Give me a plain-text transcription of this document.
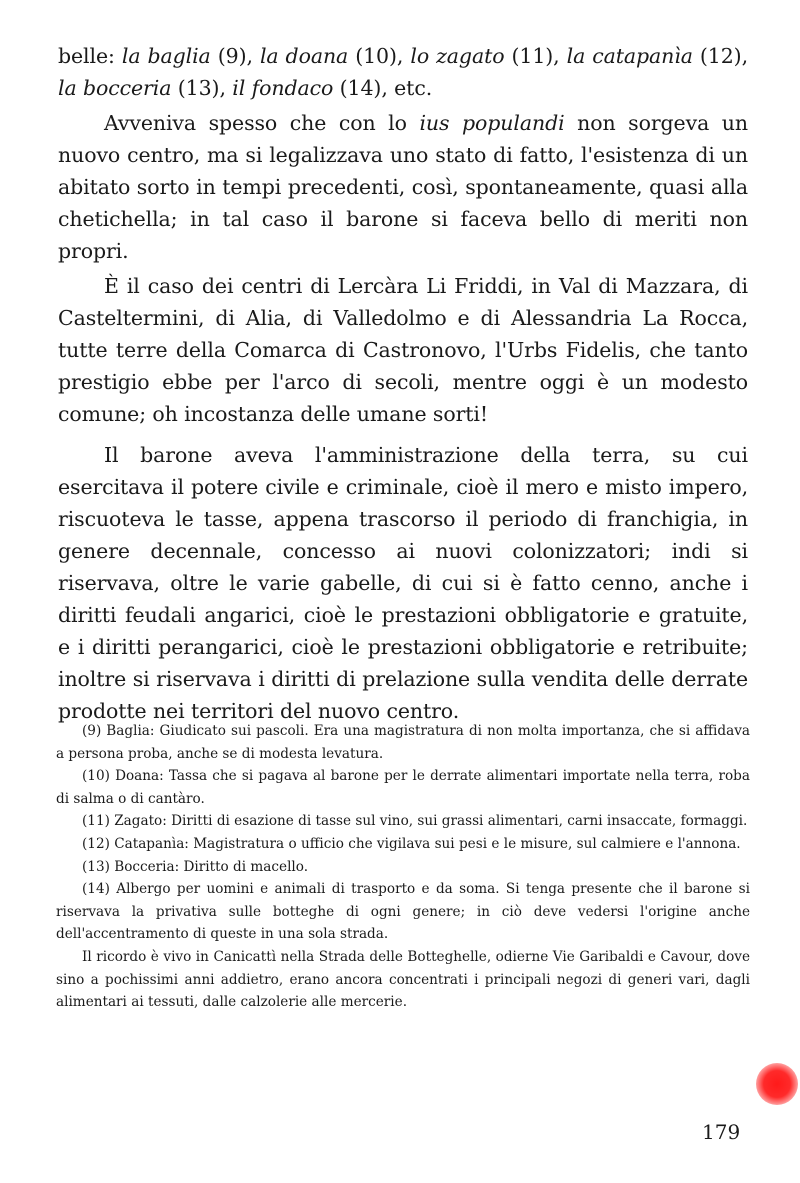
belle: la baglia (9), la doana (10), lo zagato (11), la catapanìa (12), la bocceria (13), il fondaco (14), etc.

Avveniva spesso che con lo ius populandi non sorgeva un nuovo centro, ma si legalizzava uno stato di fatto, l'esistenza di un abitato sorto in tempi precedenti, così, spontaneamente, quasi alla chetichella; in tal caso il barone si faceva bello di meriti non propri.

È il caso dei centri di Lercàra Li Friddi, in Val di Mazzara, di Casteltermini, di Alia, di Valledolmo e di Alessandria La Rocca, tutte terre della Comarca di Castronovo, l'Urbs Fidelis, che tanto prestigio ebbe per l'arco di secoli, mentre oggi è un modesto comune; oh incostanza delle umane sorti!

Il barone aveva l'amministrazione della terra, su cui esercitava il potere civile e criminale, cioè il mero e misto impero, riscuoteva le tasse, appena trascorso il periodo di franchigia, in genere decennale, concesso ai nuovi colonizzatori; indi si riservava, oltre le varie gabelle, di cui si è fatto cenno, anche i diritti feudali angarici, cioè le prestazioni obbligatorie e gratuite, e i diritti perangarici, cioè le prestazioni obbligatorie e retribuite; inoltre si riservava i diritti di prelazione sulla vendita delle derrate prodotte nei territori del nuovo centro.

(9) Baglia: Giudicato sui pascoli. Era una magistratura di non molta importanza, che si affidava a persona proba, anche se di modesta levatura.

(10) Doana: Tassa che si pagava al barone per le derrate alimentari importate nella terra, roba di salma o di cantàro.

(11) Zagato: Diritti di esazione di tasse sul vino, sui grassi alimentari, carni insaccate, formaggi.

(12) Catapanìa: Magistratura o ufficio che vigilava sui pesi e le misure, sul calmiere e l'annona.

(13) Bocceria: Diritto di macello.

(14) Albergo per uomini e animali di trasporto e da soma. Si tenga presente che il barone si riservava la privativa sulle botteghe di ogni genere; in ciò deve vedersi l'origine anche dell'accentramento di queste in una sola strada.

Il ricordo è vivo in Canicattì nella Strada delle Botteghelle, odierne Vie Garibaldi e Cavour, dove sino a pochissimi anni addietro, erano ancora concentrati i principali negozi di generi vari, dagli alimentari ai tessuti, dalle calzolerie alle mercerie.

179
